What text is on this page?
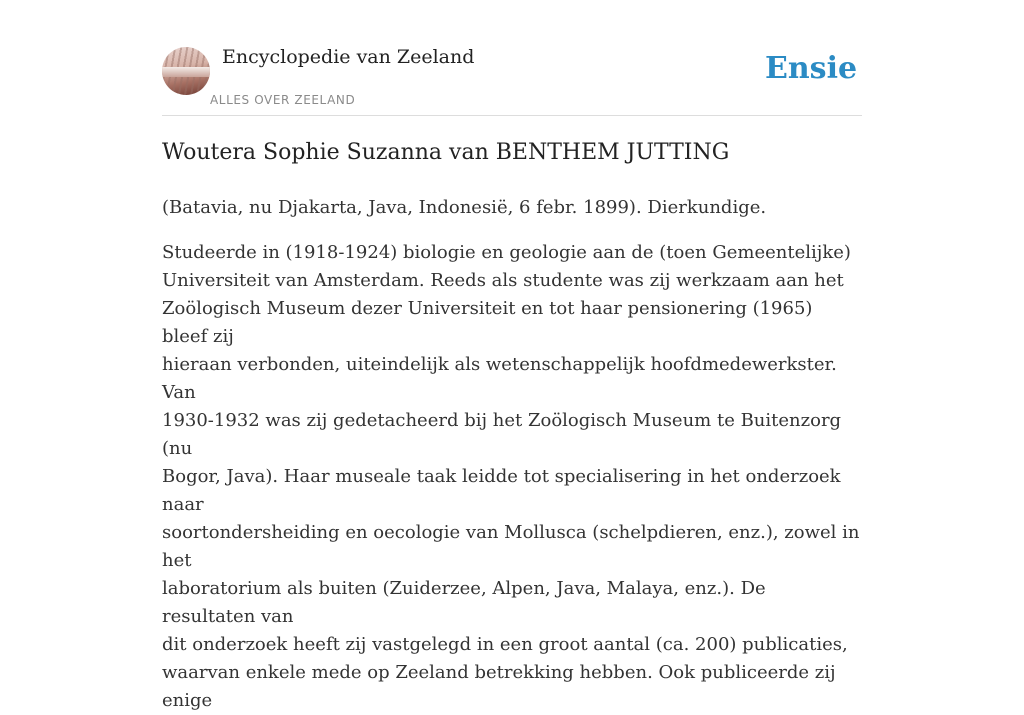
Encyclopedie van Zeeland
ALLES OVER ZEELAND
Ensie
Woutera Sophie Suzanna van BENTHEM JUTTING

(Batavia, nu Djakarta, Java, Indonesië, 6 febr. 1899). Dierkundige.

Studeerde in (1918-1924) biologie en geologie aan de (toen Gemeentelijke)
Universiteit van Amsterdam. Reeds als studente was zij werkzaam aan het
Zoölogisch Museum dezer Universiteit en tot haar pensionering (1965) bleef zij
hieraan verbonden, uiteindelijk als wetenschappelijk hoofdmedewerkster. Van
1930-1932 was zij gedetacheerd bij het Zoölogisch Museum te Buitenzorg (nu
Bogor, Java). Haar museale taak leidde tot specialisering in het onderzoek naar
soortondersheiding en oecologie van Mollusca (schelpdieren, enz.), zowel in het
laboratorium als buiten (Zuiderzee, Alpen, Java, Malaya, enz.). De resultaten van
dit onderzoek heeft zij vastgelegd in een groot aantal (ca. 200) publicaties,
waarvan enkele mede op Zeeland betrekking hebben. Ook publiceerde zij enige
